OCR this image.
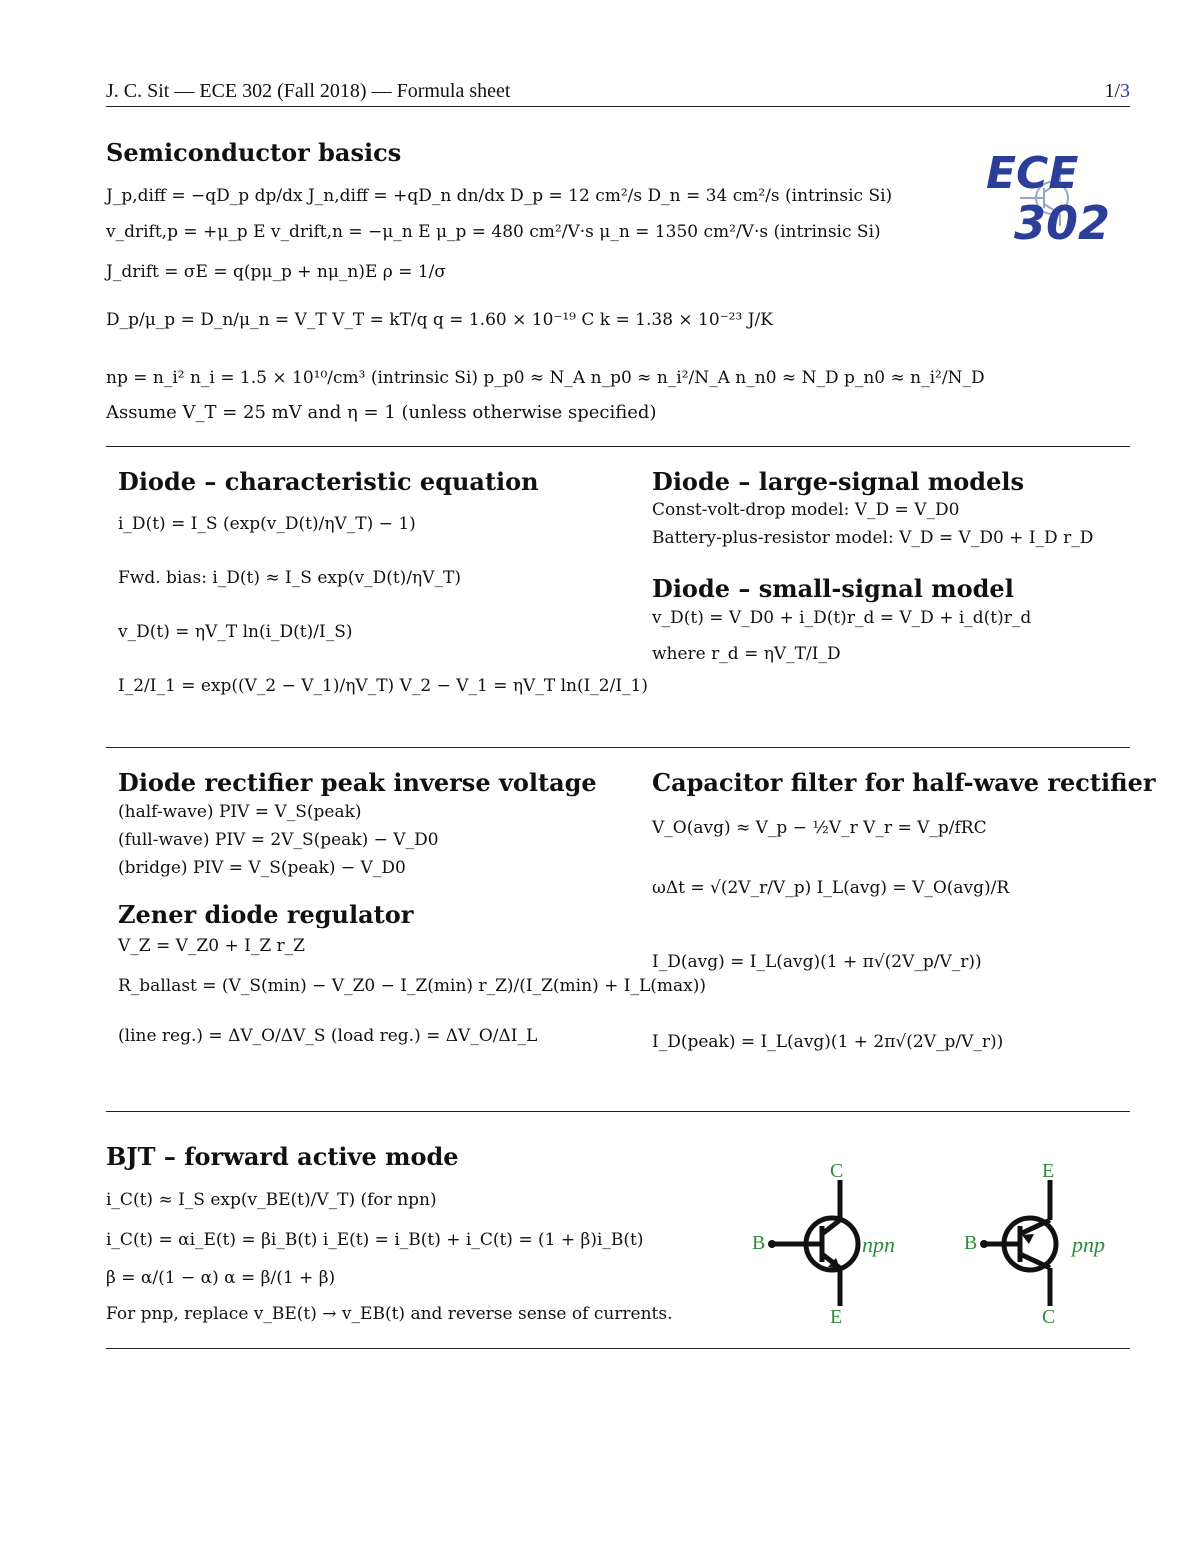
J. C. Sit — ECE 302 (Fall 2018) — Formula sheet	1/3
ECE
302
Semiconductor basics
J_p,diff = −qD_p dp/dx J_n,diff = +qD_n dn/dx D_p = 12 cm²/s D_n = 34 cm²/s (intrinsic Si)
v_drift,p = +μ_p E v_drift,n = −μ_n E μ_p = 480 cm²/V·s μ_n = 1350 cm²/V·s (intrinsic Si)
J_drift = σE = q(pμ_p + nμ_n)E ρ = 1/σ
D_p/μ_p = D_n/μ_n = V_T V_T = kT/q q = 1.60 × 10⁻¹⁹ C k = 1.38 × 10⁻²³ J/K
np = n_i² n_i = 1.5 × 10¹⁰/cm³ (intrinsic Si) p_p0 ≈ N_A n_p0 ≈ n_i²/N_A n_n0 ≈ N_D p_n0 ≈ n_i²/N_D
Assume V_T = 25 mV and η = 1 (unless otherwise specified)
Diode – characteristic equation
i_D(t) = I_S (exp(v_D(t)/ηV_T) − 1)
Fwd. bias: i_D(t) ≈ I_S exp(v_D(t)/ηV_T)
v_D(t) = ηV_T ln(i_D(t)/I_S)
I_2/I_1 = exp((V_2 − V_1)/ηV_T) V_2 − V_1 = ηV_T ln(I_2/I_1)
Diode – large-signal models
Const-volt-drop model: V_D = V_D0
Battery-plus-resistor model: V_D = V_D0 + I_D r_D
Diode – small-signal model
v_D(t) = V_D0 + i_D(t)r_d = V_D + i_d(t)r_d
where r_d = ηV_T/I_D
Diode rectifier peak inverse voltage
(half-wave) PIV = V_S(peak)
(full-wave) PIV = 2V_S(peak) − V_D0
(bridge) PIV = V_S(peak) − V_D0
Zener diode regulator
V_Z = V_Z0 + I_Z r_Z
R_ballast = (V_S(min) − V_Z0 − I_Z(min) r_Z)/(I_Z(min) + I_L(max))
(line reg.) = ΔV_O/ΔV_S (load reg.) = ΔV_O/ΔI_L
Capacitor filter for half-wave rectifier
V_O(avg) ≈ V_p − ½V_r V_r = V_p/fRC
ωΔt = √(2V_r/V_p) I_L(avg) = V_O(avg)/R
I_D(avg) = I_L(avg)(1 + π√(2V_p/V_r))
I_D(peak) = I_L(avg)(1 + 2π√(2V_p/V_r))
BJT – forward active mode
i_C(t) ≈ I_S exp(v_BE(t)/V_T) (for npn)
i_C(t) = αi_E(t) = βi_B(t) i_E(t) = i_B(t) + i_C(t) = (1 + β)i_B(t)
β = α/(1 − α) α = β/(1 + β)
For pnp, replace v_BE(t) → v_EB(t) and reverse sense of currents.
C
B
E
npn
E
B
C
pnp
